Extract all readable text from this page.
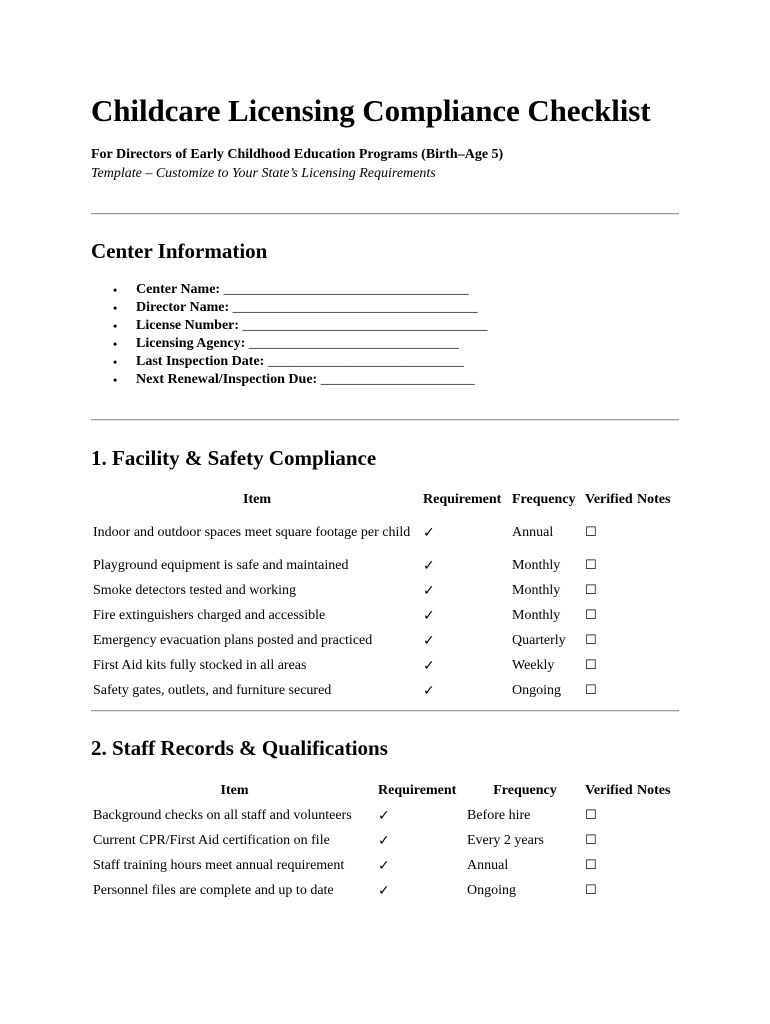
Childcare Licensing Compliance Checklist

For Directors of Early Childhood Education Programs (Birth–Age 5)

Template – Customize to Your State’s Licensing Requirements

Center Information
• Center Name: ___________________________________
• Director Name: ___________________________________
• License Number: ___________________________________
• Licensing Agency: ______________________________
• Last Inspection Date: ____________________________
• Next Renewal/Inspection Due: ______________________
1. Facility & Safety Compliance
Item	Requirement	Frequency	Verified	Notes
Indoor and outdoor spaces meet square footage per child	✓	Annual	☐	
Playground equipment is safe and maintained	✓	Monthly	☐	
Smoke detectors tested and working	✓	Monthly	☐	
Fire extinguishers charged and accessible	✓	Monthly	☐	
Emergency evacuation plans posted and practiced	✓	Quarterly	☐	
First Aid kits fully stocked in all areas	✓	Weekly	☐	
Safety gates, outlets, and furniture secured	✓	Ongoing	☐	
2. Staff Records & Qualifications
Item	Requirement	Frequency	Verified	Notes
Background checks on all staff and volunteers	✓	Before hire	☐	
Current CPR/First Aid certification on file	✓	Every 2 years	☐	
Staff training hours meet annual requirement	✓	Annual	☐	
Personnel files are complete and up to date	✓	Ongoing	☐	
